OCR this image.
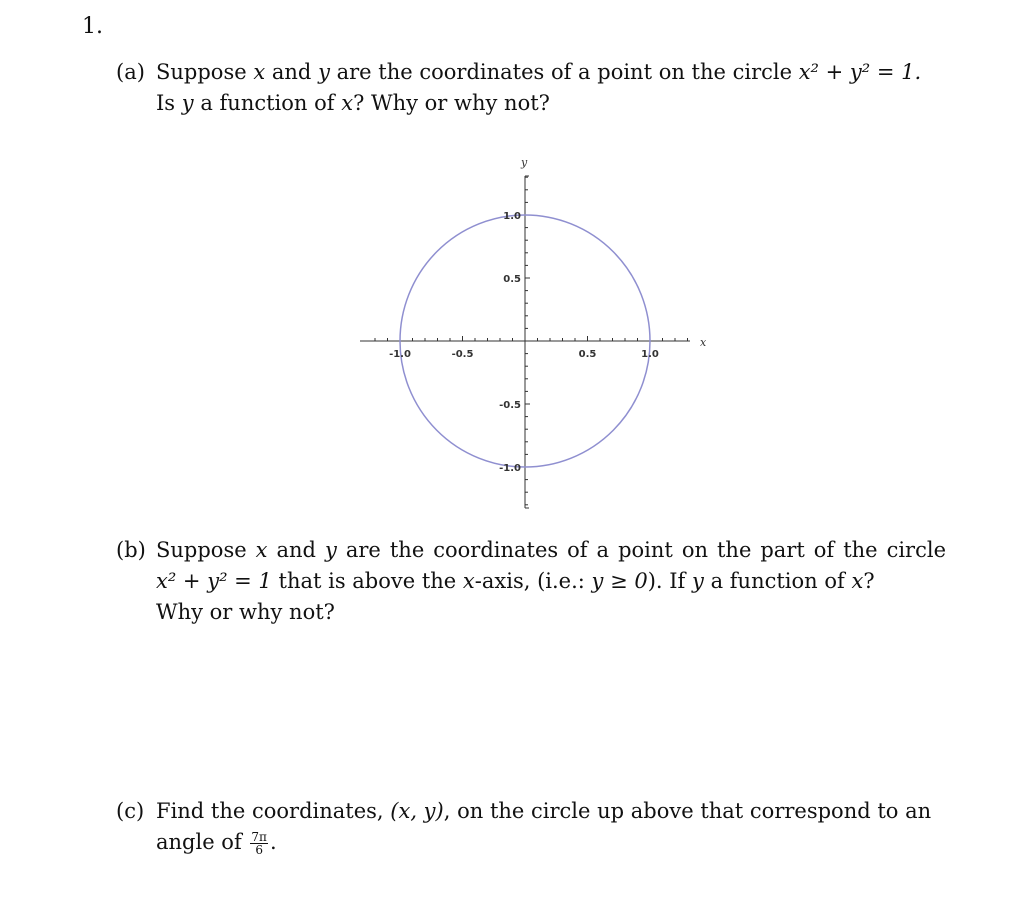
1.
(a) Suppose x and y are the coordinates of a point on the circle x² + y² = 1.
Is y a function of x? Why or why not?
-1.0	-0.5	0.5	1.0
1.0
0.5
-0.5
-1.0
x
y
(b) Suppose x and y are the coordinates of a point on the part of the circle
x² + y² = 1 that is above the x-axis, (i.e.: y ≥ 0). If y a function of x?
Why or why not?
(c) Find the coordinates, (x, y), on the circle up above that correspond to an
angle of $\frac{7\pi}{6}$ .
